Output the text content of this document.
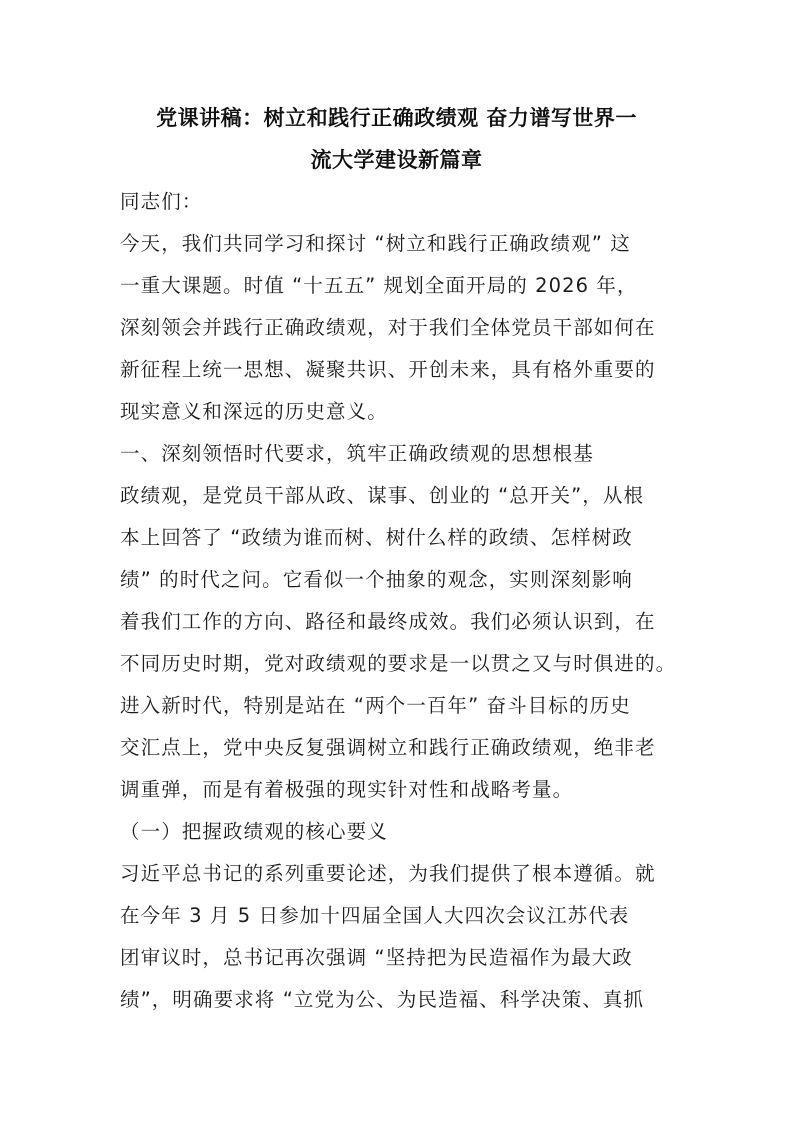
党课讲稿：树立和践行正确政绩观 奋力谱写世界一
流大学建设新篇章
同志们：
今天，我们共同学习和探讨 “树立和践行正确政绩观” 这
一重大课题。时值 “十五五” 规划全面开局的 2026 年，
深刻领会并践行正确政绩观，对于我们全体党员干部如何在
新征程上统一思想、凝聚共识、开创未来，具有格外重要的
现实意义和深远的历史意义。
一、深刻领悟时代要求，筑牢正确政绩观的思想根基
政绩观，是党员干部从政、谋事、创业的 “总开关”，从根
本上回答了 “政绩为谁而树、树什么样的政绩、怎样树政
绩” 的时代之问。它看似一个抽象的观念，实则深刻影响
着我们工作的方向、路径和最终成效。我们必须认识到，在
不同历史时期，党对政绩观的要求是一以贯之又与时俱进的。
进入新时代，特别是站在 “两个一百年” 奋斗目标的历史
交汇点上，党中央反复强调树立和践行正确政绩观，绝非老
调重弹，而是有着极强的现实针对性和战略考量。
（一）把握政绩观的核心要义
习近平总书记的系列重要论述，为我们提供了根本遵循。就
在今年 3 月 5 日参加十四届全国人大四次会议江苏代表
团审议时，总书记再次强调 “坚持把为民造福作为最大政
绩”，明确要求将 “立党为公、为民造福、科学决策、真抓
